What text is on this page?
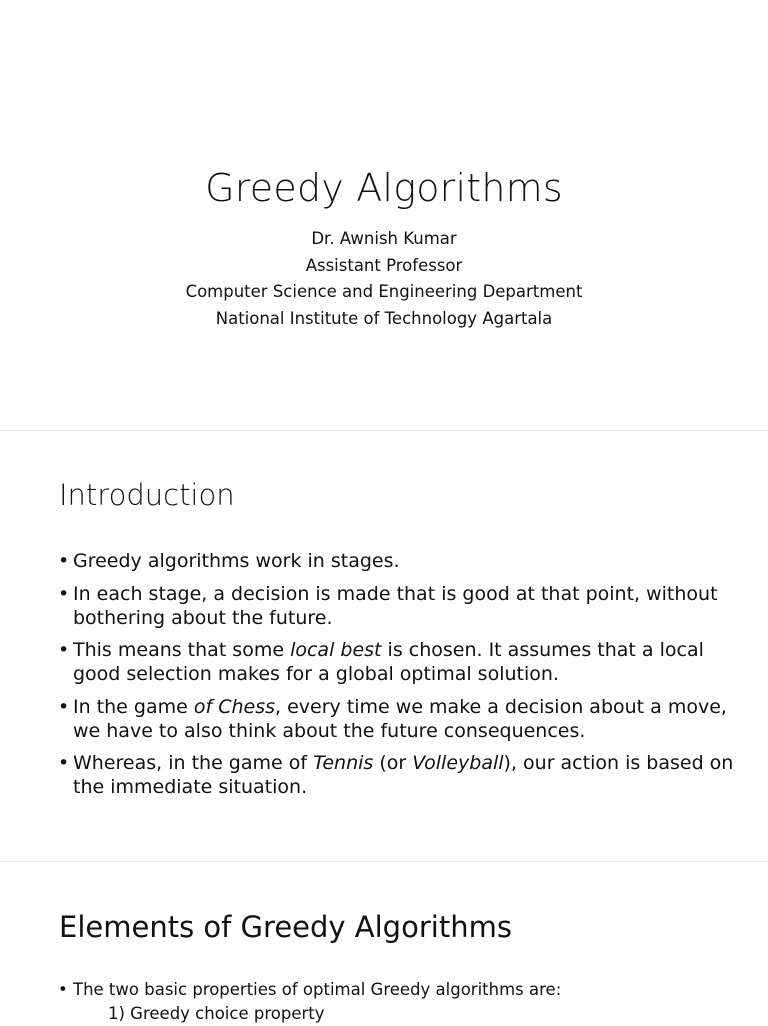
Greedy Algorithms
Dr. Awnish Kumar
Assistant Professor
Computer Science and Engineering Department
National Institute of Technology Agartala
Introduction
• Greedy algorithms work in stages.
• In each stage, a decision is made that is good at that point, without
bothering about the future.
• This means that some local best is chosen. It assumes that a local
good selection makes for a global optimal solution.
• In the game of Chess, every time we make a decision about a move,
we have to also think about the future consequences.
• Whereas, in the game of Tennis (or Volleyball), our action is based on
the immediate situation.
Elements of Greedy Algorithms
• The two basic properties of optimal Greedy algorithms are:
1) Greedy choice property
